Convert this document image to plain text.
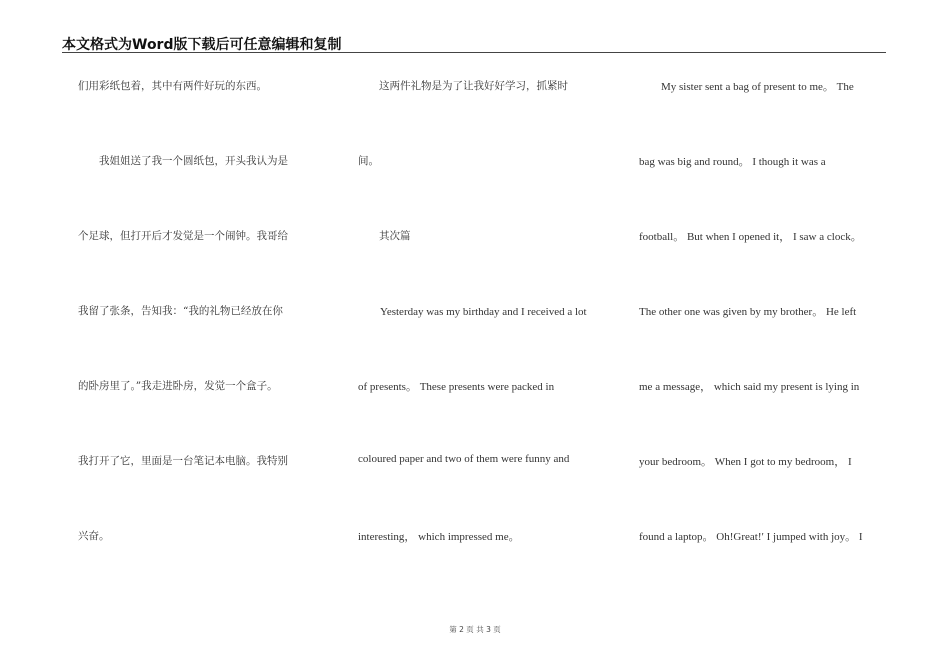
本文格式为Word版下载后可任意编辑和复制
们用彩纸包着，其中有两件好玩的东西。
　　我姐姐送了我一个圆纸包，开头我认为是
个足球，但打开后才发觉是一个闹钟。我哥给
我留了张条，告知我：“我的礼物已经放在你
的卧房里了。”我走进卧房，发觉一个盒子。
我打开了它，里面是一台笔记本电脑。我特别
兴奋。
　　这两件礼物是为了让我好好学习，抓紧时
间。
　　其次篇
　　Yesterday was my birthday and I received a lot
of presents。 These presents were packed in
coloured paper and two of them were funny and
interesting， which impressed me。
　　My sister sent a bag of present to me。 The
bag was big and round。 I though it was a
football。 But when I opened it， I saw a clock。
The other one was given by my brother。 He left
me a message， which said my present is lying in
your bedroom。 When I got to my bedroom， I
found a laptop。 Oh!Great!′ I jumped with joy。 I
第 2 页 共 3 页
